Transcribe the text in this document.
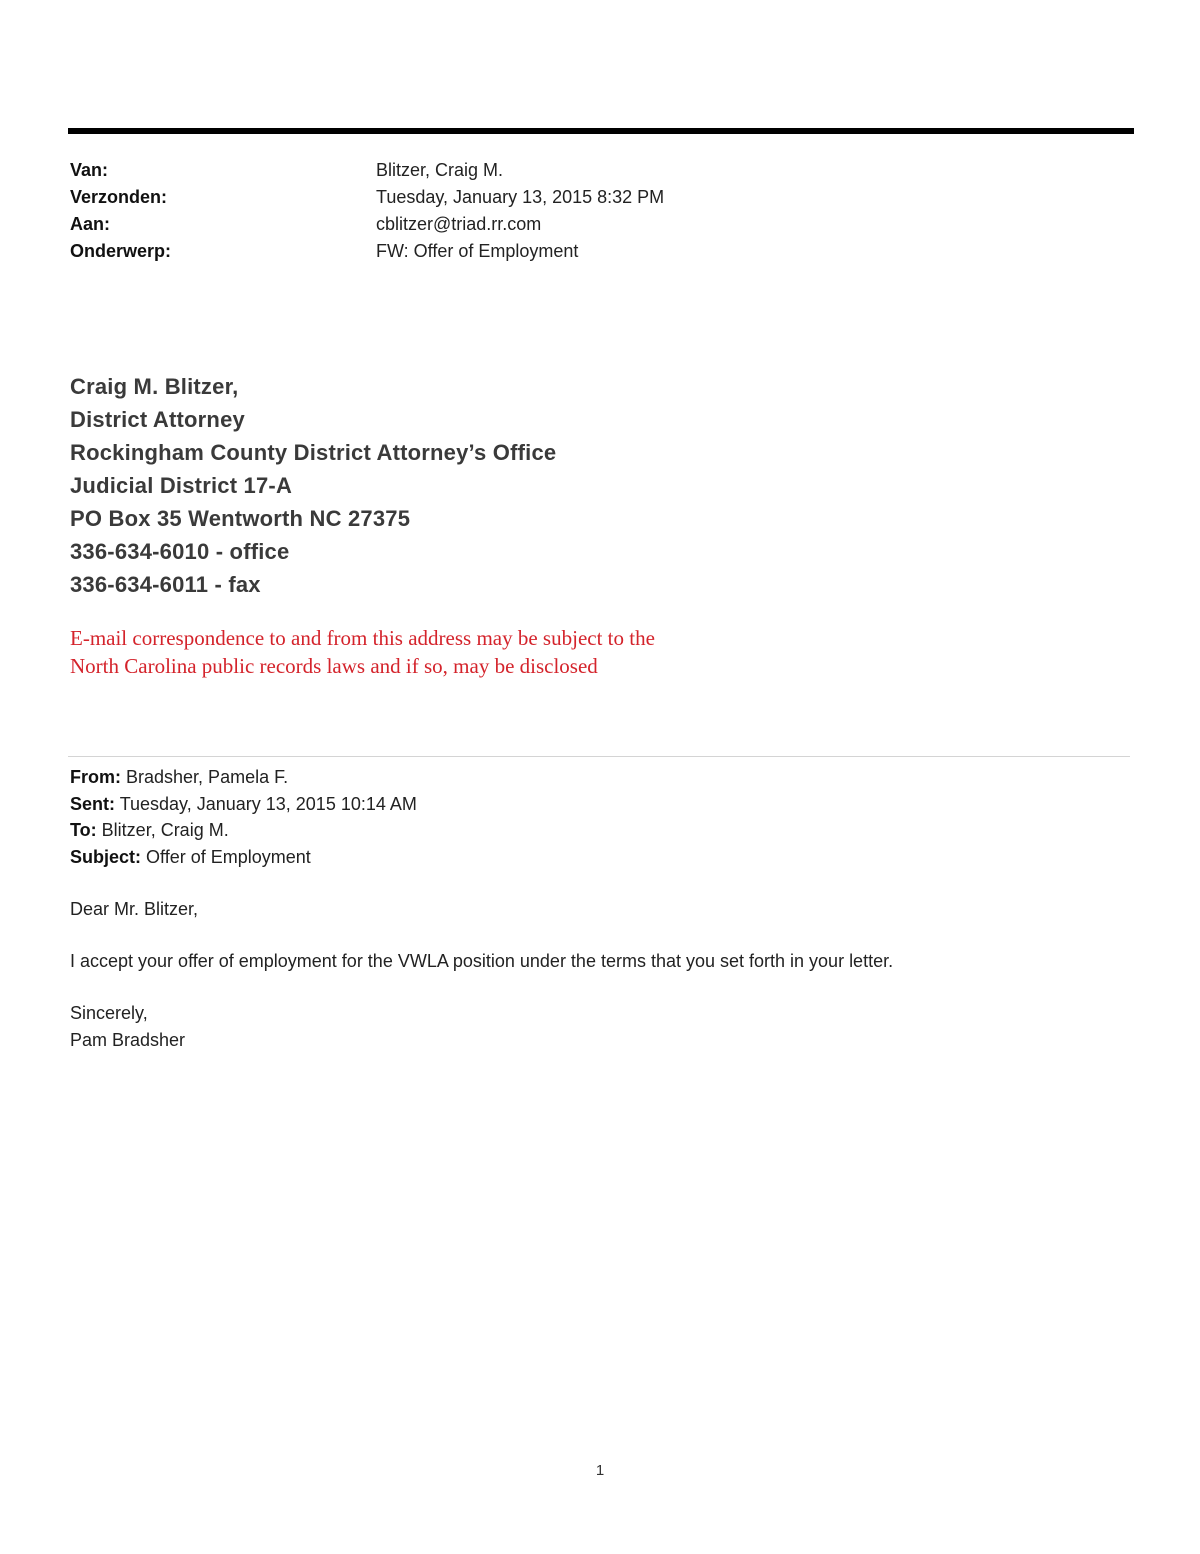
Van:	Blitzer, Craig M.
Verzonden:	Tuesday, January 13, 2015 8:32 PM
Aan:	cblitzer@triad.rr.com
Onderwerp:	FW: Offer of Employment
Craig M. Blitzer,
District Attorney
Rockingham County District Attorney’s Office
Judicial District 17-A
PO Box 35 Wentworth NC 27375
336-634-6010 - office
336-634-6011 - fax
E-mail correspondence to and from this address may be subject to the
North Carolina public records laws and if so, may be disclosed
From: Bradsher, Pamela F.
Sent: Tuesday, January 13, 2015 10:14 AM
To: Blitzer, Craig M.
Subject: Offer of Employment
Dear Mr. Blitzer,
I accept your offer of employment for the VWLA position under the terms that you set forth in your letter.
Sincerely,
Pam Bradsher
1
